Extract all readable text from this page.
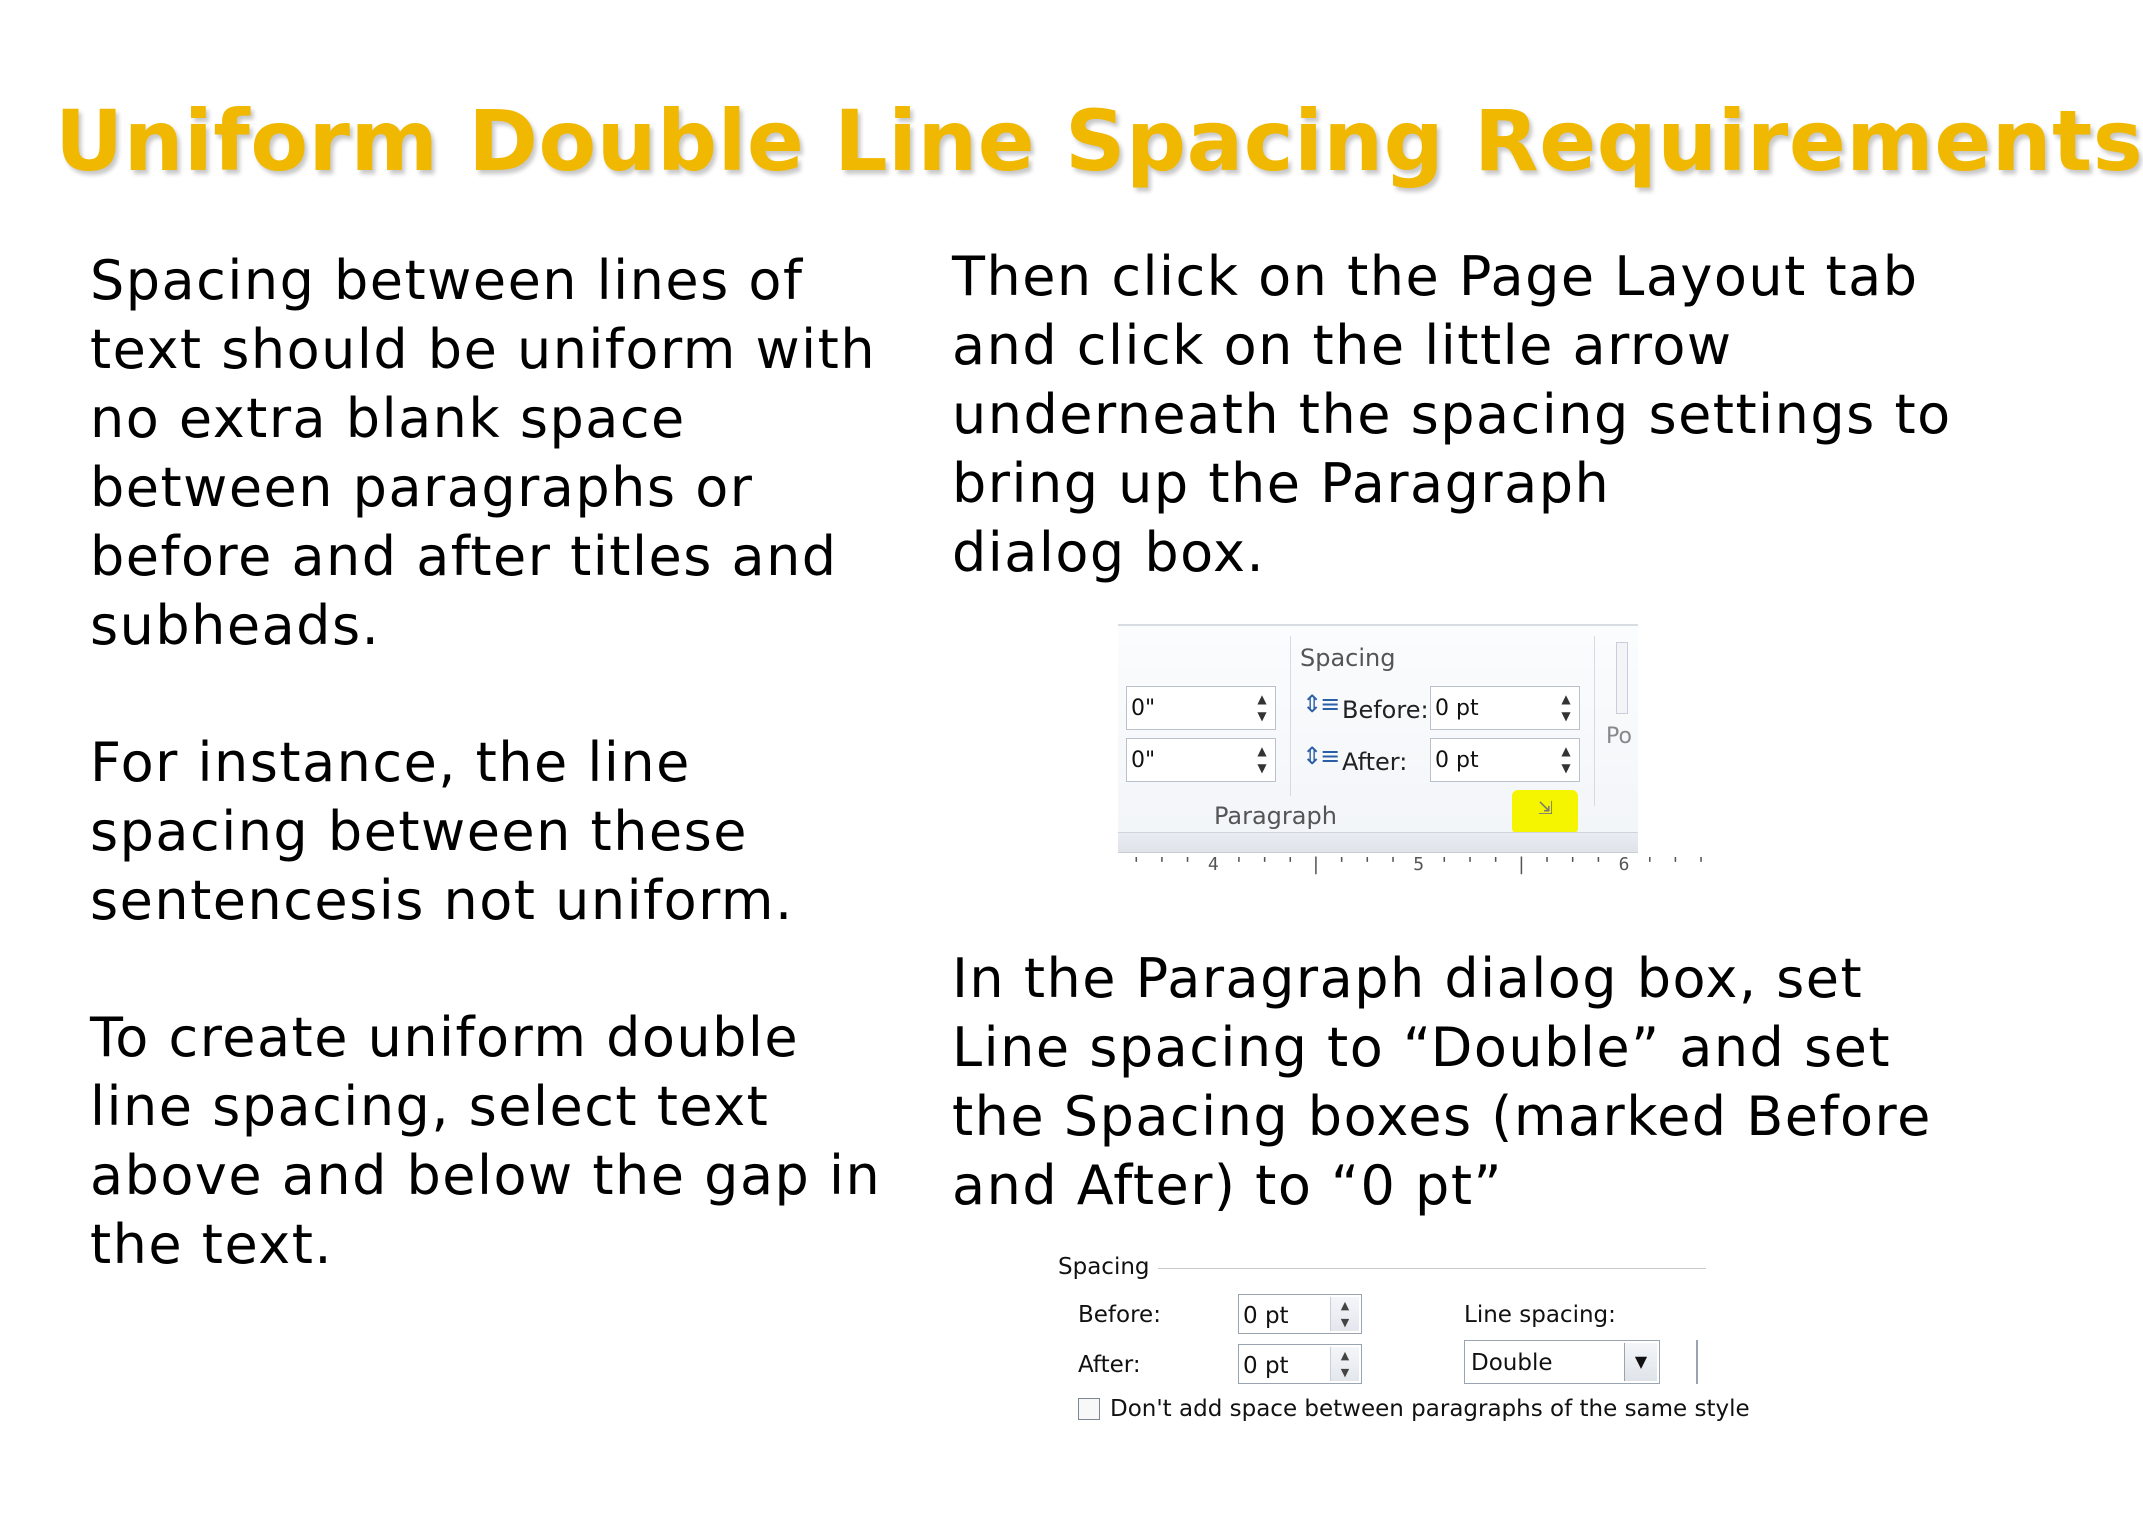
Uniform Double Line Spacing Requirements

Spacing between lines of
text should be uniform with
no extra blank space
between paragraphs or
before and after titles and
subheads.

For instance, the line
spacing between these
sentencesis not uniform.

To create uniform double
line spacing, select text
above and below the gap in
the text.

Then click on the Page Layout tab
and click on the little arrow
underneath the spacing settings to
bring up the Paragraph
dialog box.

In the Paragraph dialog box, set
Line spacing to “Double” and set
the Spacing boxes (marked Before
and After) to “0 pt”

Spacing
0"	▲
▼
0"	▲
▼
⇕≡ Before: 0 pt	▲
▼
⇕≡ After: 0 pt	▲
▼
Paragraph	⇲
Po
' ' ' 4 ' ' ' | ' ' ' 5 ' ' ' | ' ' ' 6 ' ' '
Spacing
Before:	0 pt	▲
▼
After:	0 pt	▲
▼
Line spacing:
Double	▼
Don't add space between paragraphs of the same style
